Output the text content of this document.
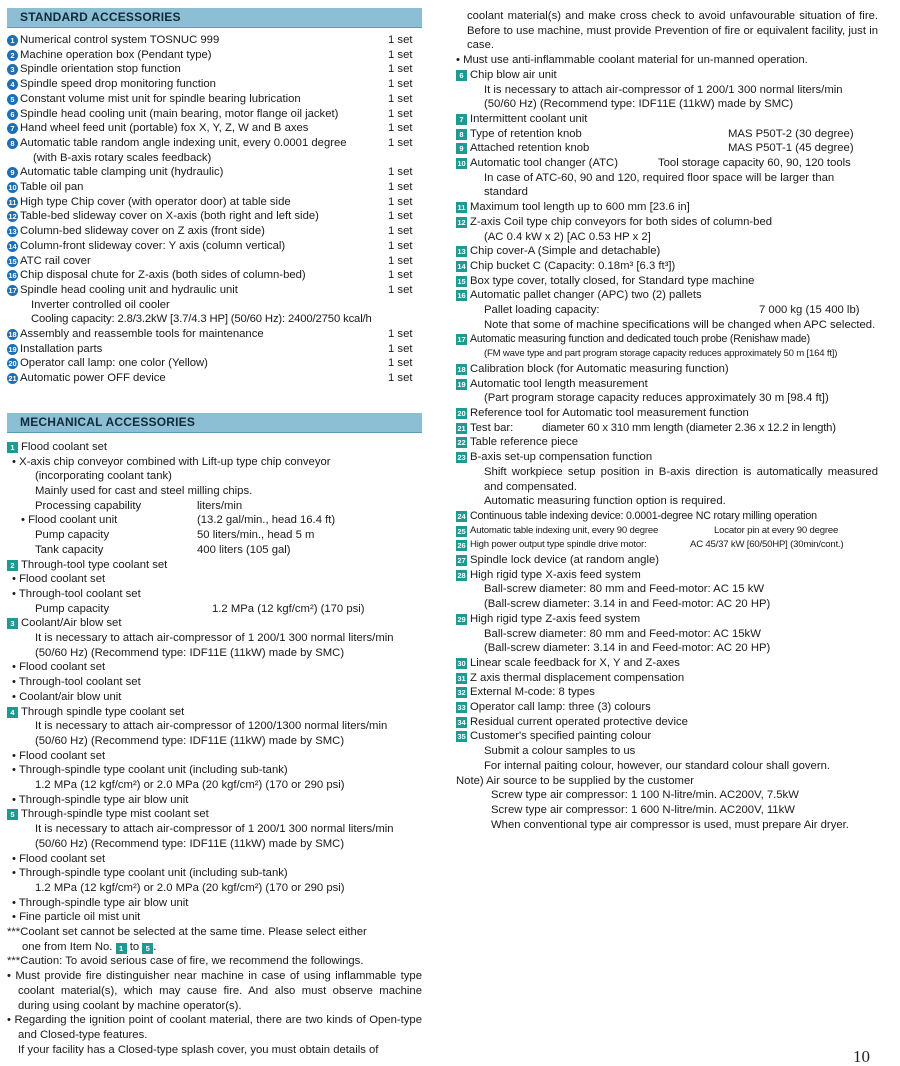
STANDARD ACCESSORIES
1 Numerical control system TOSNUC 999	1 set
2 Machine operation box (Pendant type)	1 set
3 Spindle orientation stop function	1 set
4 Spindle speed drop monitoring function	1 set
5 Constant volume mist unit for spindle bearing lubrication	1 set
6 Spindle head cooling unit (main bearing, motor flange oil jacket)	1 set
7 Hand wheel feed unit (portable) fox X, Y, Z, W and B axes	1 set
8 Automatic table random angle indexing unit, every 0.0001 degree	1 set
(with B-axis rotary scales feedback)
9 Automatic table clamping unit (hydraulic)	1 set
10 Table oil pan	1 set
11 High type Chip cover (with operator door) at table side	1 set
12 Table-bed slideway cover on X-axis (both right and left side)	1 set
13 Column-bed slideway cover on Z axis (front side)	1 set
14 Column-front slideway cover: Y axis (column vertical)	1 set
15 ATC rail cover	1 set
16 Chip disposal chute for Z-axis (both sides of column-bed)	1 set
17 Spindle head cooling unit and hydraulic unit	1 set
Inverter controlled oil cooler
Cooling capacity: 2.8/3.2kW [3.7/4.3 HP] (50/60 Hz): 2400/2750 kcal/h
18 Assembly and reassemble tools for maintenance	1 set
19 Installation parts	1 set
20 Operator call lamp: one color (Yellow)	1 set
21 Automatic power OFF device	1 set
MECHANICAL ACCESSORIES
1 Flood coolant set
• X-axis chip conveyor combined with Lift-up type chip conveyor
(incorporating coolant tank)
Mainly used for cast and steel milling chips.
Processing capability	liters/min
• Flood coolant unit	(13.2 gal/min., head 16.4 ft)
Pump capacity	50 liters/min., head 5 m
Tank capacity	400 liters (105 gal)
2 Through-tool type coolant set
• Flood coolant set
• Through-tool coolant set
Pump capacity	1.2 MPa (12 kgf/cm²) (170 psi)
3 Coolant/Air blow set
It is necessary to attach air-compressor of 1 200/1 300 normal liters/min
(50/60 Hz) (Recommend type: IDF11E (11kW) made by SMC)
• Flood coolant set
• Through-tool coolant set
• Coolant/air blow unit
4 Through spindle type coolant set
It is necessary to attach air-compressor of 1200/1300 normal liters/min
(50/60 Hz) (Recommend type: IDF11E (11kW) made by SMC)
• Flood coolant set
• Through-spindle type coolant unit (including sub-tank)
1.2 MPa (12 kgf/cm²) or 2.0 MPa (20 kgf/cm²) (170 or 290 psi)
• Through-spindle type air blow unit
5 Through-spindle type mist coolant set
It is necessary to attach air-compressor of 1 200/1 300 normal liters/min
(50/60 Hz) (Recommend type: IDF11E (11kW) made by SMC)
• Flood coolant set
• Through-spindle type coolant unit (including sub-tank)
1.2 MPa (12 kgf/cm²) or 2.0 MPa (20 kgf/cm²) (170 or 290 psi)
• Through-spindle type air blow unit
• Fine particle oil mist unit
***Coolant set cannot be selected at the same time. Please select either
one from Item No. 1 to 5 .
***Caution: To avoid serious case of fire, we recommend the followings.
• Must provide fire distinguisher near machine in case of using inflammable type coolant material(s), which may cause fire. And also must observe machine during using coolant by machine operator(s).
• Regarding the ignition point of coolant material, there are two kinds of Open-type and Closed-type features.
If your facility has a Closed-type splash cover, you must obtain details of
coolant material(s) and make cross check to avoid unfavourable situation of fire. Before to use machine, must provide Prevention of fire or equivalent facility, just in case.
• Must use anti-inflammable coolant material for un-manned operation.
6 Chip blow air unit
It is necessary to attach air-compressor of 1 200/1 300 normal liters/min
(50/60 Hz) (Recommend type: IDF11E (11kW) made by SMC)
7 Intermittent coolant unit
8 Type of retention knob	MAS P50T-2 (30 degree)
9 Attached retention knob	MAS P50T-1 (45 degree)
10 Automatic tool changer (ATC)	Tool storage capacity 60, 90, 120 tools
In case of ATC-60, 90 and 120, required floor space will be larger than standard
11 Maximum tool length up to 600 mm [23.6 in]
12 Z-axis Coil type chip conveyors for both sides of column-bed
(AC 0.4 kW x 2) [AC 0.53 HP x 2]
13 Chip cover-A (Simple and detachable)
14 Chip bucket C (Capacity: 0.18m³ [6.3 ft³])
15 Box type cover, totally closed, for Standard type machine
16 Automatic pallet changer (APC) two (2) pallets
Pallet loading capacity:	7 000 kg (15 400 lb)
Note that some of machine specifications will be changed when APC selected.
17 Automatic measuring function and dedicated touch probe (Renishaw made)
(FM wave type and part program storage capacity reduces approximately 50 m [164 ft])
18 Calibration block (for Automatic measuring function)
19 Automatic tool length measurement
(Part program storage capacity reduces approximately 30 m [98.4 ft])
20 Reference tool for Automatic tool measurement function
21 Test bar:	diameter 60 x 310 mm length (diameter 2.36 x 12.2 in length)
22 Table reference piece
23 B-axis set-up compensation function
Shift workpiece setup position in B-axis direction is automatically measured and compensated.
Automatic measuring function option is required.
24 Continuous table indexing device: 0.0001-degree NC rotary milling operation
25 Automatic table indexing unit, every 90 degree	Locator pin at every 90 degree
26 High power output type spindle drive motor:	AC 45/37 kW [60/50HP] (30min/cont.)
27 Spindle lock device (at random angle)
28 High rigid type X-axis feed system
Ball-screw diameter: 80 mm and Feed-motor: AC 15 kW
(Ball-screw diameter: 3.14 in and Feed-motor: AC 20 HP)
29 High rigid type Z-axis feed system
Ball-screw diameter: 80 mm and Feed-motor: AC 15kW
(Ball-screw diameter: 3.14 in and Feed-motor: AC 20 HP)
30 Linear scale feedback for X, Y and Z-axes
31 Z axis thermal displacement compensation
32 External M-code: 8 types
33 Operator call lamp: three (3) colours
34 Residual current operated protective device
35 Customer's specified painting colour
Submit a colour samples to us
For internal paiting colour, however, our standard colour shall govern.
Note) Air source to be supplied by the customer
Screw type air compressor: 1 100 N-litre/min. AC200V, 7.5kW
Screw type air compressor: 1 600 N-litre/min. AC200V, 11kW
When conventional type air compressor is used, must prepare Air dryer.
10
